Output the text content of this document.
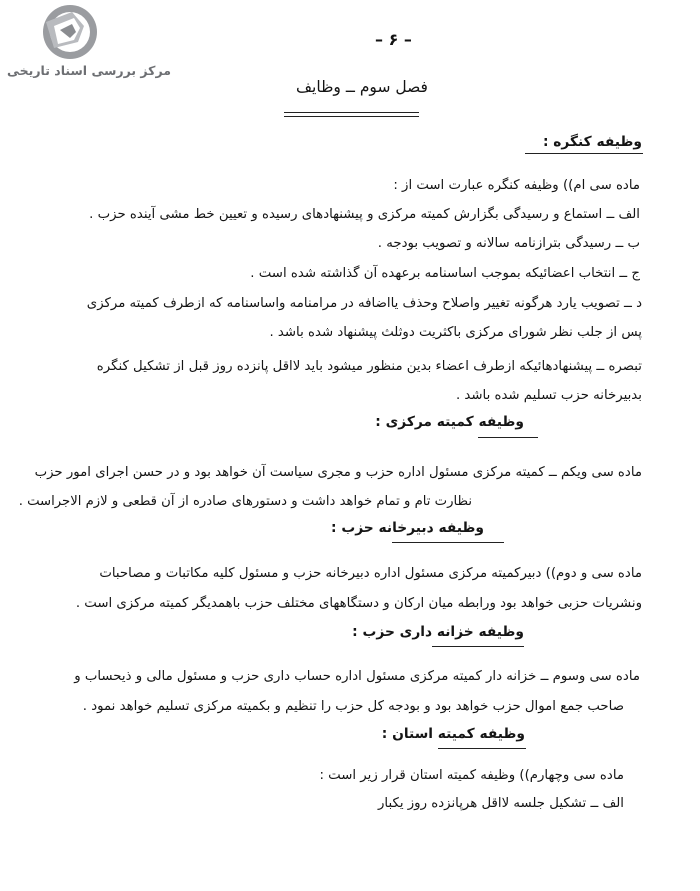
مرکز بررسی اسناد تاریخی
– ۶ –
فصل سوم ــ وظایف
وظیفه کنگره :
ماده سی ام)) وظیفه کنگره عبارت است از :
الف ــ استماع و رسیدگی بگزارش کمیته مرکزی و پیشنهادهای رسیده و تعیین خط مشی آینده حزب .
ب ــ رسیدگی بترازنامه سالانه و تصویب بودجه .
ج ــ انتخاب اعضائیکه بموجب اساسنامه برعهده آن گذاشته شده است .
د ــ تصویب یارد هرگونه تغییر واصلاح وحذف یااضافه در مرامنامه واساسنامه که ازطرف کمیته مرکزی
پس از جلب نظر شورای مرکزی باکثریت دوثلث پیشنهاد شده باشد .
تبصره ــ پیشنهادهائیکه ازطرف اعضاء بدین منظور میشود باید لااقل پانزده روز قبل از تشکیل کنگره
بدبیرخانه حزب تسلیم شده باشد .
وظیفه کمیته مرکزی :
ماده سی ویکم ــ کمیته مرکزی مسئول اداره حزب و مجری سیاست آن خواهد بود و در حسن اجرای امور حزب
نظارت تام و تمام خواهد داشت و دستورهای صادره از آن قطعی و لازم الاجراست .
وظیفه دبیرخانه حزب :
ماده سی و دوم)) دبیرکمیته مرکزی مسئول اداره دبیرخانه حزب و مسئول کلیه مکاتبات و مصاحبات
ونشریات حزبی خواهد بود ورابطه میان ارکان و دستگاههای مختلف حزب باهمدیگر کمیته مرکزی است .
وظیفه خزانه داری حزب :
ماده سی وسوم ــ خزانه دار کمیته مرکزی مسئول اداره حساب داری حزب و مسئول مالی و ذیحساب و
صاحب جمع اموال حزب خواهد بود و بودجه کل حزب را تنظیم و بکمیته مرکزی تسلیم خواهد نمود .
وظیفه کمیته استان :
ماده سی وچهارم)) وظیفه کمیته استان قرار زیر است :
الف ــ تشکیل جلسه لااقل هرپانزده روز یکبار
